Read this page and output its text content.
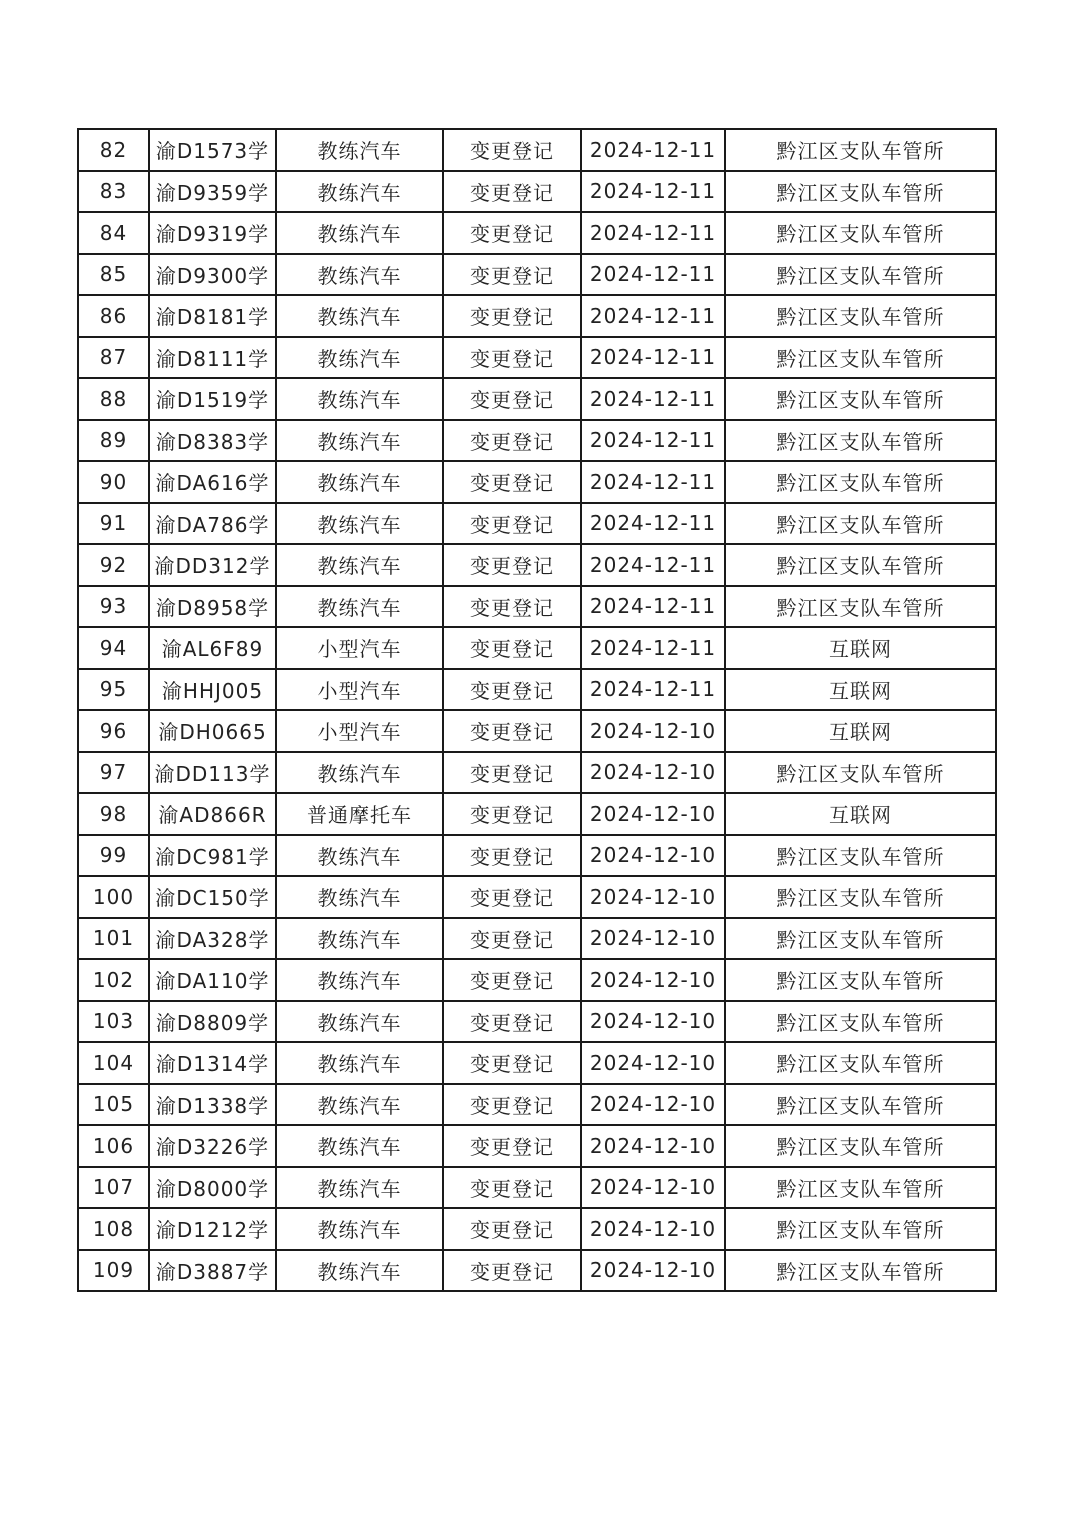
82	渝D1573学	教练汽车	变更登记	2024-12-11	黔江区支队车管所
83	渝D9359学	教练汽车	变更登记	2024-12-11	黔江区支队车管所
84	渝D9319学	教练汽车	变更登记	2024-12-11	黔江区支队车管所
85	渝D9300学	教练汽车	变更登记	2024-12-11	黔江区支队车管所
86	渝D8181学	教练汽车	变更登记	2024-12-11	黔江区支队车管所
87	渝D8111学	教练汽车	变更登记	2024-12-11	黔江区支队车管所
88	渝D1519学	教练汽车	变更登记	2024-12-11	黔江区支队车管所
89	渝D8383学	教练汽车	变更登记	2024-12-11	黔江区支队车管所
90	渝DA616学	教练汽车	变更登记	2024-12-11	黔江区支队车管所
91	渝DA786学	教练汽车	变更登记	2024-12-11	黔江区支队车管所
92	渝DD312学	教练汽车	变更登记	2024-12-11	黔江区支队车管所
93	渝D8958学	教练汽车	变更登记	2024-12-11	黔江区支队车管所
94	渝AL6F89	小型汽车	变更登记	2024-12-11	互联网
95	渝HHJ005	小型汽车	变更登记	2024-12-11	互联网
96	渝DH0665	小型汽车	变更登记	2024-12-10	互联网
97	渝DD113学	教练汽车	变更登记	2024-12-10	黔江区支队车管所
98	渝AD866R	普通摩托车	变更登记	2024-12-10	互联网
99	渝DC981学	教练汽车	变更登记	2024-12-10	黔江区支队车管所
100	渝DC150学	教练汽车	变更登记	2024-12-10	黔江区支队车管所
101	渝DA328学	教练汽车	变更登记	2024-12-10	黔江区支队车管所
102	渝DA110学	教练汽车	变更登记	2024-12-10	黔江区支队车管所
103	渝D8809学	教练汽车	变更登记	2024-12-10	黔江区支队车管所
104	渝D1314学	教练汽车	变更登记	2024-12-10	黔江区支队车管所
105	渝D1338学	教练汽车	变更登记	2024-12-10	黔江区支队车管所
106	渝D3226学	教练汽车	变更登记	2024-12-10	黔江区支队车管所
107	渝D8000学	教练汽车	变更登记	2024-12-10	黔江区支队车管所
108	渝D1212学	教练汽车	变更登记	2024-12-10	黔江区支队车管所
109	渝D3887学	教练汽车	变更登记	2024-12-10	黔江区支队车管所
